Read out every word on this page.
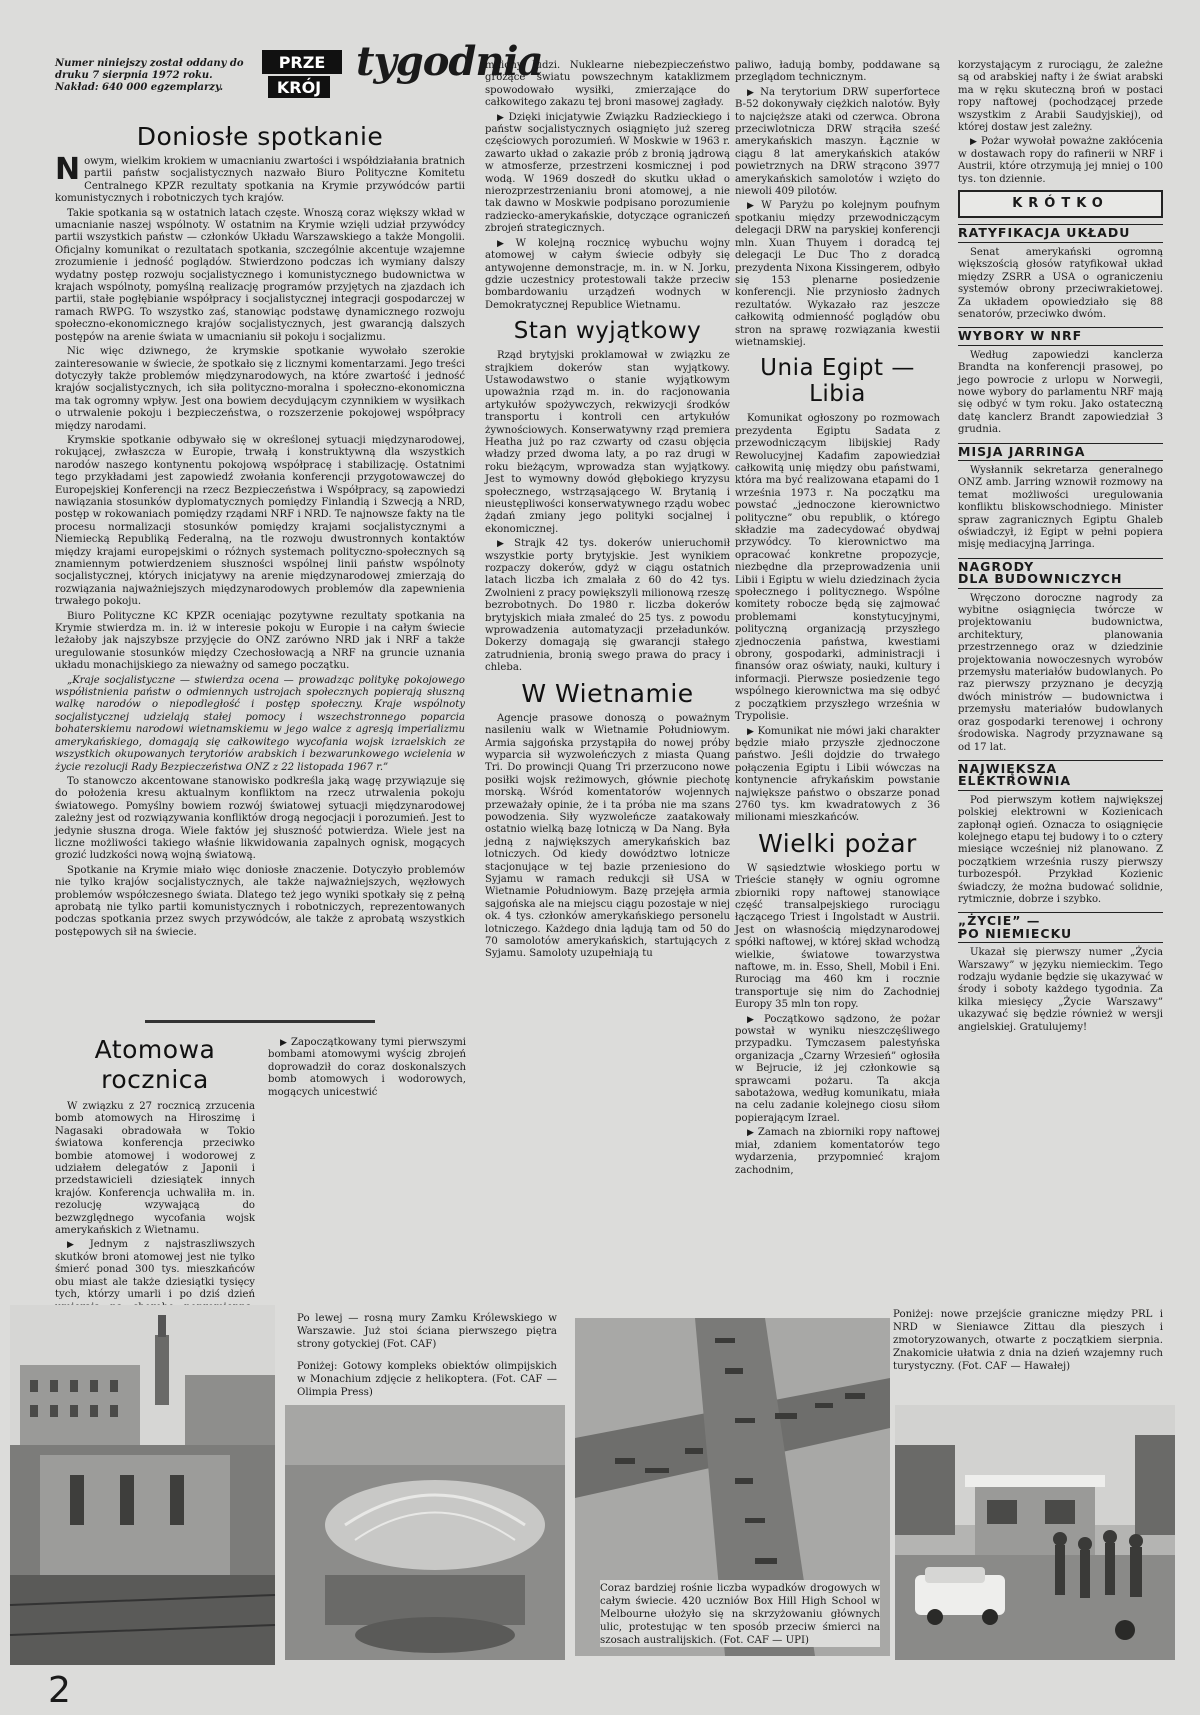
Numer niniejszy został oddany do druku 7 sierpnia 1972 roku. Nakład: 640 000 egzemplarzy.
PRZE
KRÓJ
tygodnia
Doniosłe spotkanie

Nowym, wielkim krokiem w umacnianiu zwartości i współdziałania bratnich partii państw socjalistycznych nazwało Biuro Polityczne Komitetu Centralnego KPZR rezultaty spotkania na Krymie przywódców partii komunistycznych i robotniczych tych krajów.

Takie spotkania są w ostatnich latach częste. Wnoszą coraz większy wkład w umacnianie naszej wspólnoty. W ostatnim na Krymie wzięli udział przywódcy partii wszystkich państw — członków Układu Warszawskiego a także Mongolii. Oficjalny komunikat o rezultatach spotkania, szczególnie akcentuje wzajemne zrozumienie i jedność poglądów. Stwierdzono podczas ich wymiany dalszy wydatny postęp rozwoju socjalistycznego i komunistycznego budownictwa w krajach wspólnoty, pomyślną realizację programów przyjętych na zjazdach ich partii, stałe pogłębianie współpracy i socjalistycznej integracji gospodarczej w ramach RWPG. To wszystko zaś, stanowiąc podstawę dynamicznego rozwoju społeczno-ekonomicznego krajów socjalistycznych, jest gwarancją dalszych postępów na arenie świata w umacnianiu sił pokoju i socjalizmu.

Nic więc dziwnego, że krymskie spotkanie wywołało szerokie zainteresowanie w świecie, że spotkało się z licznymi komentarzami. Jego treści dotyczyły także problemów międzynarodowych, na które zwartość i jedność krajów socjalistycznych, ich siła polityczno-moralna i społeczno-ekonomiczna ma tak ogromny wpływ. Jest ona bowiem decydującym czynnikiem w wysiłkach o utrwalenie pokoju i bezpieczeństwa, o rozszerzenie pokojowej współpracy między narodami.

Krymskie spotkanie odbywało się w określonej sytuacji międzynarodowej, rokującej, zwłaszcza w Europie, trwałą i konstruktywną dla wszystkich narodów naszego kontynentu pokojową współpracę i stabilizację. Ostatnimi tego przykładami jest zapowiedź zwołania konferencji przygotowawczej do Europejskiej Konferencji na rzecz Bezpieczeństwa i Współpracy, są zapowiedzi nawiązania stosunków dyplomatycznych pomiędzy Finlandią i Szwecją a NRD, postęp w rokowaniach pomiędzy rządami NRF i NRD. Te najnowsze fakty na tle procesu normalizacji stosunków pomiędzy krajami socjalistycznymi a Niemiecką Republiką Federalną, na tle rozwoju dwustronnych kontaktów między krajami europejskimi o różnych systemach polityczno-społecznych są znamiennym potwierdzeniem słuszności wspólnej linii państw wspólnoty socjalistycznej, których inicjatywy na arenie międzynarodowej zmierzają do rozwiązania najważniejszych międzynarodowych problemów dla zapewnienia trwałego pokoju.

Biuro Polityczne KC KPZR oceniając pozytywne rezultaty spotkania na Krymie stwierdza m. in. iż w interesie pokoju w Europie i na całym świecie leżałoby jak najszybsze przyjęcie do ONZ zarówno NRD jak i NRF a także uregulowanie stosunków między Czechosłowacją a NRF na gruncie uznania układu monachijskiego za nieważny od samego początku.

„Kraje socjalistyczne — stwierdza ocena — prowadząc politykę pokojowego współistnienia państw o odmiennych ustrojach społecznych popierają słuszną walkę narodów o niepodległość i postęp społeczny. Kraje wspólnoty socjalistycznej udzielają stałej pomocy i wszechstronnego poparcia bohaterskiemu narodowi wietnamskiemu w jego walce z agresją imperializmu amerykańskiego, domagają się całkowitego wycofania wojsk izraelskich ze wszystkich okupowanych terytoriów arabskich i bezwarunkowego wcielenia w życie rezolucji Rady Bezpieczeństwa ONZ z 22 listopada 1967 r.”

To stanowczo akcentowane stanowisko podkreśla jaką wagę przywiązuje się do położenia kresu aktualnym konfliktom na rzecz utrwalenia pokoju światowego. Pomyślny bowiem rozwój światowej sytuacji międzynarodowej zależny jest od rozwiązywania konfliktów drogą negocjacji i porozumień. Jest to jedynie słuszna droga. Wiele faktów jej słuszność potwierdza. Wiele jest na liczne możliwości takiego właśnie likwidowania zapalnych ognisk, mogących grozić ludzkości nową wojną światową.

Spotkanie na Krymie miało więc doniosłe znaczenie. Dotyczyło problemów nie tylko krajów socjalistycznych, ale także najważniejszych, węzłowych problemów współczesnego świata. Dlatego też jego wyniki spotkały się z pełną aprobatą nie tylko partii komunistycznych i robotniczych, reprezentowanych podczas spotkania przez swych przywódców, ale także z aprobatą wszystkich postępowych sił na świecie.

Atomowa rocznica

W związku z 27 rocznicą zrzucenia bomb atomowych na Hiroszimę i Nagasaki obradowała w Tokio światowa konferencja przeciwko bombie atomowej i wodorowej z udziałem delegatów z Japonii i przedstawicieli dziesiątek innych krajów. Konferencja uchwaliła m. in. rezolucję wzywającą do bezwzględnego wycofania wojsk amerykańskich z Wietnamu.

▶ Jednym z najstraszliwszych skutków broni atomowej jest nie tylko śmierć ponad 300 tys. mieszkańców obu miast ale także dziesiątki tysięcy tych, którzy umarli i po dziś dzień

▶ Zapoczątkowany tymi pierwszymi bombami atomowymi wyścig zbrojeń doprowadził do coraz doskonalszych bomb atomowych i wodorowych, mogących unicestwić

miliony ludzi. Nuklearne niebezpieczeństwo grożące światu powszechnym kataklizmem spowodowało wysiłki, zmierzające do całkowitego zakazu tej broni masowej zagłady.

▶ Dzięki inicjatywie Związku Radzieckiego i państw socjalistycznych osiągnięto już szereg częściowych porozumień. W Moskwie w 1963 r. zawarto układ o zakazie prób z bronią jądrową w atmosferze, przestrzeni kosmicznej i pod wodą. W 1969 doszedł do skutku układ o nierozprzestrzenianiu broni atomowej, a nie tak dawno w Moskwie podpisano porozumienie radziecko-amerykańskie, dotyczące ograniczeń zbrojeń strategicznych.

▶ W kolejną rocznicę wybuchu wojny atomowej w całym świecie odbyły się antywojenne demonstracje, m. in. w N. Jorku, gdzie uczestnicy protestowali także przeciw bombardowaniu urządzeń wodnych w Demokratycznej Republice Wietnamu.

Stan wyjątkowy

Rząd brytyjski proklamował w związku ze strajkiem dokerów stan wyjątkowy. Ustawodawstwo o stanie wyjątkowym upoważnia rząd m. in. do racjonowania artykułów spożywczych, rekwizycji środków transportu i kontroli cen artykułów żywnościowych. Konserwatywny rząd premiera Heatha już po raz czwarty od czasu objęcia władzy przed dwoma laty, a po raz drugi w roku bieżącym, wprowadza stan wyjątkowy. Jest to wymowny dowód głębokiego kryzysu społecznego, wstrząsającego W. Brytanią i nieustępliwości konserwatywnego rządu wobec żądań zmiany jego polityki socjalnej i ekonomicznej.

▶ Strajk 42 tys. dokerów unieruchomił wszystkie porty brytyjskie. Jest wynikiem rozpaczy dokerów, gdyż w ciągu ostatnich latach liczba ich zmalała z 60 do 42 tys. Zwolnieni z pracy powiększyli milionową rzeszę bezrobotnych. Do 1980 r. liczba dokerów brytyjskich miała zmaleć do 25 tys. z powodu wprowadzenia automatyzacji przeładunków. Dokerzy domagają się gwarancji stałego zatrudnienia, bronią swego prawa do pracy i chleba.

W Wietnamie

Agencje prasowe donoszą o poważnym nasileniu walk w Wietnamie Południowym. Armia sajgońska przystąpiła do nowej próby wyparcia sił wyzwoleńczych z miasta Quang Tri. Do prowincji Quang Tri przerzucono nowe posiłki wojsk reżimowych, głównie piechotę morską. Wśród komentatorów wojennych przeważały opinie, że i ta próba nie ma szans powodzenia. Siły wyzwoleńcze zaatakowały ostatnio wielką bazę lotniczą w Da Nang. Była jedną z największych amerykańskich baz lotniczych. Od kiedy dowództwo lotnicze stacjonujące w tej bazie przeniesiono do Syjamu w ramach redukcji sił USA w Wietnamie Południowym. Bazę przejęła armia sajgońska ale na miejscu ciągu pozostaje w niej ok. 4 tys. członków amerykańskiego personelu lotniczego. Każdego dnia lądują tam od 50 do 70 samolotów amerykańskich, startujących z Syjamu. Samoloty uzupełniają tu

paliwo, ładują bomby, poddawane są przeglądom technicznym.

▶ Na terytorium DRW superfortece B-52 dokonywały ciężkich nalotów. Były to najcięższe ataki od czerwca. Obrona przeciwlotnicza DRW strąciła sześć amerykańskich maszyn. Łącznie w ciągu 8 lat amerykańskich ataków powietrznych na DRW strącono 3977 amerykańskich samolotów i wzięto do niewoli 409 pilotów.

▶ W Paryżu po kolejnym poufnym spotkaniu między przewodniczącym delegacji DRW na paryskiej konferencji mln. Xuan Thuyem i doradcą tej delegacji Le Duc Tho z doradcą prezydenta Nixona Kissingerem, odbyło się 153 plenarne posiedzenie konferencji. Nie przyniosło żadnych rezultatów. Wykazało raz jeszcze całkowitą odmienność poglądów obu stron na sprawę rozwiązania kwestii wietnamskiej.

Unia Egipt — Libia

Komunikat ogłoszony po rozmowach prezydenta Egiptu Sadata z przewodniczącym libijskiej Rady Rewolucyjnej Kadafim zapowiedział całkowitą unię między obu państwami, która ma być realizowana etapami do 1 września 1973 r. Na początku ma powstać „jednoczone kierownictwo polityczne” obu republik, o którego składzie ma zadecydować obydwaj przywódcy. To kierownictwo ma opracować konkretne propozycje, niezbędne dla przeprowadzenia unii Libii i Egiptu w wielu dziedzinach życia społecznego i politycznego. Wspólne komitety robocze będą się zajmować problemami konstytucyjnymi, polityczną organizacją przyszłego zjednoczenia państwa, kwestiami obrony, gospodarki, administracji i finansów oraz oświaty, nauki, kultury i informacji. Pierwsze posiedzenie tego wspólnego kierownictwa ma się odbyć z początkiem przyszłego września w Trypolisie.

▶ Komunikat nie mówi jaki charakter będzie miało przyszłe zjednoczone państwo. Jeśli dojdzie do trwałego połączenia Egiptu i Libii wówczas na kontynencie afrykańskim powstanie największe państwo o obszarze ponad 2760 tys. km kwadratowych z 36 milionami mieszkańców.

Wielki pożar

W sąsiedztwie włoskiego portu w Trieście stanęły w ogniu ogromne zbiorniki ropy naftowej stanowiące część transalpejskiego rurociągu łączącego Triest i Ingolstadt w Austrii. Jest on własnością międzynarodowej spółki naftowej, w której skład wchodzą wielkie, światowe towarzystwa naftowe, m. in. Esso, Shell, Mobil i Eni. Rurociąg ma 460 km i rocznie transportuje się nim do Zachodniej Europy 35 mln ton ropy.

▶ Początkowo sądzono, że pożar powstał w wyniku nieszczęśliwego przypadku. Tymczasem palestyńska organizacja „Czarny Wrzesień” ogłosiła w Bejrucie, iż jej członkowie są sprawcami pożaru. Ta akcja sabotażowa, według komunikatu, miała na celu zadanie kolejnego ciosu siłom popierającym Izrael.

▶ Zamach na zbiorniki ropy naftowej miał, zdaniem komentatorów tego wydarzenia, przypomnieć krajom zachodnim,

korzystającym z rurociągu, że zależne są od arabskiej nafty i że świat arabski ma w ręku skuteczną broń w postaci ropy naftowej (pochodzącej przede wszystkim z Arabii Saudyjskiej), od której dostaw jest zależny.

▶ Pożar wywołał poważne zakłócenia w dostawach ropy do rafinerii w NRF i Austrii, które otrzymują jej mniej o 100 tys. ton dziennie.

KRÓTKO
RATYFIKACJA UKŁADU

Senat amerykański ogromną większością głosów ratyfikował układ między ZSRR a USA o ograniczeniu systemów obrony przeciwrakietowej. Za układem opowiedziało się 88 senatorów, przeciwko dwóm.

WYBORY W NRF

Według zapowiedzi kanclerza Brandta na konferencji prasowej, po jego powrocie z urlopu w Norwegii, nowe wybory do parlamentu NRF mają się odbyć w tym roku. Jako ostateczną datę kanclerz Brandt zapowiedział 3 grudnia.

MISJA JARRINGA

Wysłannik sekretarza generalnego ONZ amb. Jarring wznowił rozmowy na temat możliwości uregulowania konfliktu bliskowschodniego. Minister spraw zagranicznych Egiptu Ghaleb oświadczył, iż Egipt w pełni popiera misję mediacyjną Jarringa.

NAGRODY
DLA BUDOWNICZYCH

Wręczono doroczne nagrody za wybitne osiągnięcia twórcze w projektowaniu budownictwa, architektury, planowania przestrzennego oraz w dziedzinie projektowania nowoczesnych wyrobów przemysłu materiałów budowlanych. Po raz pierwszy przyznano je decyzją dwóch ministrów — budownictwa i przemysłu materiałów budowlanych oraz gospodarki terenowej i ochrony środowiska. Nagrody przyznawane są od 17 lat.

NAJWIĘKSZA
ELEKTROWNIA

Pod pierwszym kotłem największej polskiej elektrowni w Kozienicach zapłonął ogień. Oznacza to osiągnięcie kolejnego etapu tej budowy i to o cztery miesiące wcześniej niż planowano. Z początkiem września ruszy pierwszy turbozespół. Przykład Kozienic świadczy, że można budować solidnie, rytmicznie, dobrze i szybko.

„ŻYCIE” —
PO NIEMIECKU

Ukazał się pierwszy numer „Życia Warszawy” w języku niemieckim. Tego rodzaju wydanie będzie się ukazywać w środy i soboty każdego tygodnia. Za kilka miesięcy „Życie Warszawy” ukazywać się będzie również w wersji angielskiej. Gratulujemy!

Po lewej — rosną mury Zamku Królewskiego w Warszawie. Już stoi ściana pierwszego piętra strony gotyckiej (Fot. CAF)
Poniżej: Gotowy kompleks obiektów olimpijskich w Monachium zdjęcie z helikoptera. (Fot. CAF — Olimpia Press)
Poniżej: nowe przejście graniczne między PRL i NRD w Sieniawce Zittau dla pieszych i zmotoryzowanych, otwarte z początkiem sierpnia. Znakomicie ułatwia z dnia na dzień wzajemny ruch turystyczny. (Fot. CAF — Hawałej)
Coraz bardziej rośnie liczba wypadków drogowych w całym świecie. 420 uczniów Box Hill High School w Melbourne ułożyło się na skrzyżowaniu głównych ulic, protestując w ten sposób przeciw śmierci na szosach australijskich. (Fot. CAF — UPI)
2
